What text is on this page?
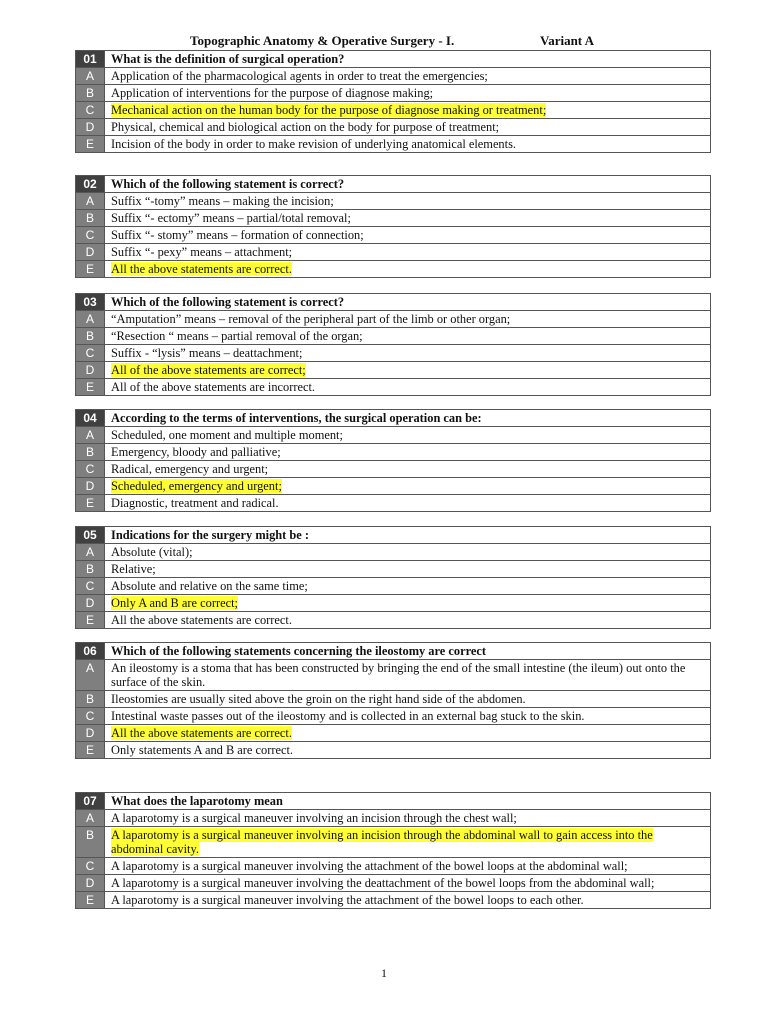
Topographic Anatomy & Operative Surgery - I.	Variant A
01	What is the definition of surgical operation?
A	Application of the pharmacological agents in order to treat the emergencies;
B	Application of interventions for the purpose of diagnose making;
C	Mechanical action on the human body for the purpose of diagnose making or treatment;
D	Physical, chemical and biological action on the body for purpose of treatment;
E	Incision of the body in order to make revision of underlying anatomical elements.
02	Which of the following statement is correct?
A	Suffix “-tomy” means – making the incision;
B	Suffix “- ectomy” means – partial/total removal;
C	Suffix “- stomy” means – formation of connection;
D	Suffix “- pexy” means – attachment;
E	All the above statements are correct.
03	Which of the following statement is correct?
A	“Amputation” means – removal of the peripheral part of the limb or other organ;
B	“Resection “ means – partial removal of the organ;
C	Suffix - “lysis” means – deattachment;
D	All of the above statements are correct;
E	All of the above statements are incorrect.
04	According to the terms of interventions, the surgical operation can be:
A	Scheduled, one moment and multiple moment;
B	Emergency, bloody and palliative;
C	Radical, emergency and urgent;
D	Scheduled, emergency and urgent;
E	Diagnostic, treatment and radical.
05	Indications for the surgery might be :
A	Absolute (vital);
B	Relative;
C	Absolute and relative on the same time;
D	Only A and B are correct;
E	All the above statements are correct.
06	Which of the following statements concerning the ileostomy are correct
A	An ileostomy is a stoma that has been constructed by bringing the end of the small intestine (the ileum) out onto the surface of the skin.
B	Ileostomies are usually sited above the groin on the right hand side of the abdomen.
C	Intestinal waste passes out of the ileostomy and is collected in an external bag stuck to the skin.
D	All the above statements are correct.
E	Only statements A and B are correct.
07	What does the laparotomy mean
A	A laparotomy is a surgical maneuver involving an incision through the chest wall;
B	A laparotomy is a surgical maneuver involving an incision through the abdominal wall to gain access into the abdominal cavity.
C	A laparotomy is a surgical maneuver involving the attachment of the bowel loops at the abdominal wall;
D	A laparotomy is a surgical maneuver involving the deattachment of the bowel loops from the abdominal wall;
E	A laparotomy is a surgical maneuver involving the attachment of the bowel loops to each other.
1
